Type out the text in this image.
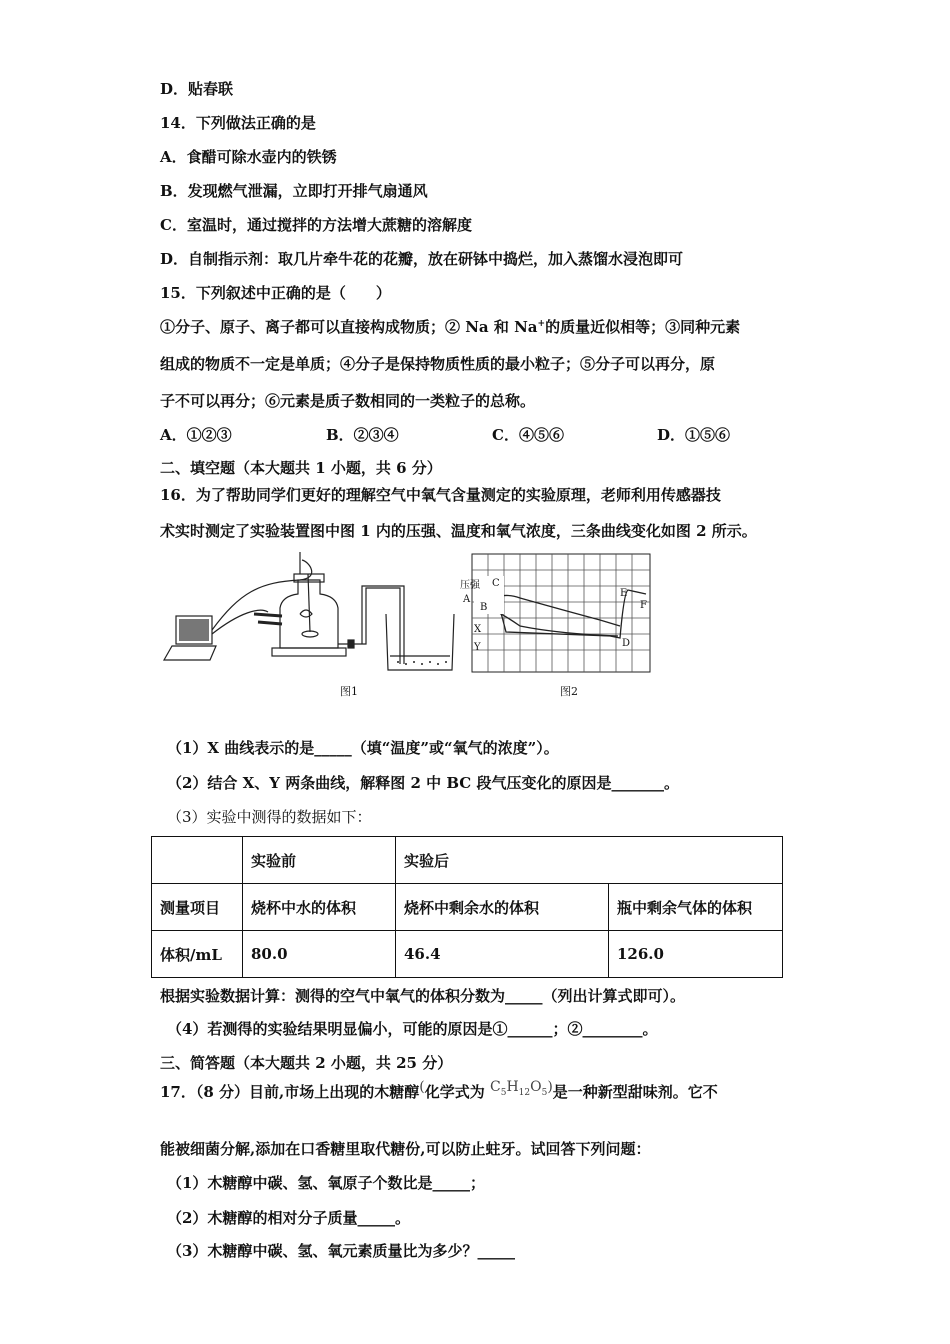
D．贴春联
14．下列做法正确的是
A．食醋可除水壶内的铁锈
B．发现燃气泄漏，立即打开排气扇通风
C．室温时，通过搅拌的方法增大蔗糖的溶解度
D．自制指示剂：取几片牵牛花的花瓣，放在研钵中捣烂，加入蒸馏水浸泡即可
15．下列叙述中正确的是（　　）
①分子、原子、离子都可以直接构成物质；② Na 和 Na+的质量近似相等；③同种元素
组成的物质不一定是单质；④分子是保持物质性质的最小粒子；⑤分子可以再分，原
子不可以再分；⑥元素是质子数相同的一类粒子的总称。
A．①②③	B．②③④	C．④⑤⑥	D．①⑤⑥
二、填空题（本大题共 1 小题，共 6 分）
16．为了帮助同学们更好的理解空气中氧气含量测定的实验原理，老师利用传感器技
术实时测定了实验装置图中图 1 内的压强、温度和氧气浓度，三条曲线变化如图 2 所示。
图1
压强
A
B
C
X
Y	D
E
F
图2
（1）X 曲线表示的是_____（填“温度”或“氧气的浓度”）。
（2）结合 X、Y 两条曲线，解释图 2 中 BC 段气压变化的原因是_______。
（3）实验中测得的数据如下：
	实验前	实验后	
测量项目	烧杯中水的体积	烧杯中剩余水的体积	瓶中剩余气体的体积
体积/mL	80.0	46.4	126.0
根据实验数据计算：测得的空气中氧气的体积分数为_____（列出计算式即可）。
（4）若测得的实验结果明显偏小，可能的原因是①______；②________。
三、简答题（本大题共 2 小题，共 25 分）
17．（8 分）目前,市场上出现的木糖醇(化学式为 $C_5H_{12}O_5$)是一种新型甜味剂。它不
能被细菌分解,添加在口香糖里取代糖份,可以防止蛀牙。试回答下列问题：
（1）木糖醇中碳、氢、氧原子个数比是_____；
（2）木糖醇的相对分子质量_____。
（3）木糖醇中碳、氢、氧元素质量比为多少？_____
